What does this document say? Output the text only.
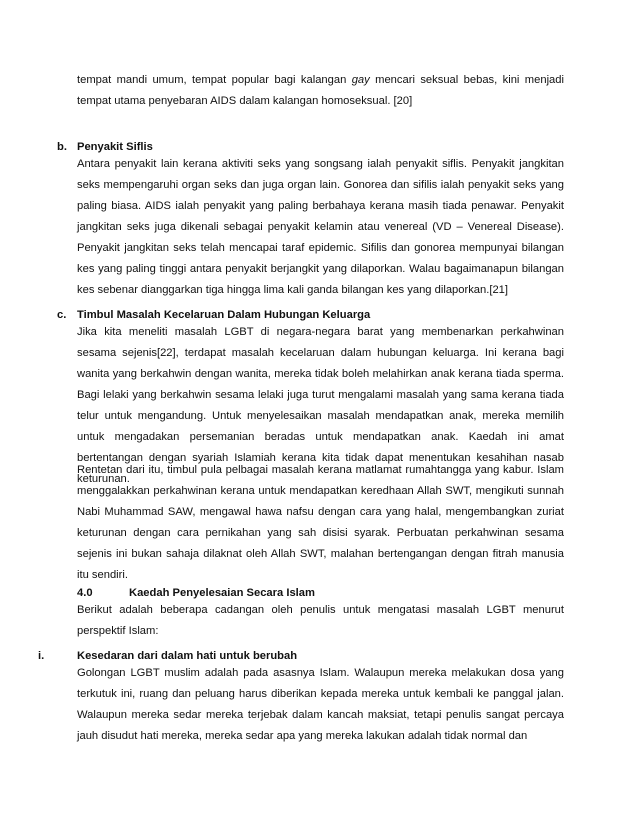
tempat mandi umum, tempat popular bagi kalangan gay mencari seksual bebas, kini menjadi tempat utama penyebaran AIDS dalam kalangan homoseksual. [20]

b. Penyakit Siflis

Antara penyakit lain kerana aktiviti seks yang songsang ialah penyakit siflis. Penyakit jangkitan seks mempengaruhi organ seks dan juga organ lain. Gonorea dan sifilis ialah penyakit seks yang paling biasa. AIDS ialah penyakit yang paling berbahaya kerana masih tiada penawar. Penyakit jangkitan seks juga dikenali sebagai penyakit kelamin atau venereal (VD – Venereal Disease). Penyakit jangkitan seks telah mencapai taraf epidemic. Sifilis dan gonorea mempunyai bilangan kes yang paling tinggi antara penyakit berjangkit yang dilaporkan. Walau bagaimanapun bilangan kes sebenar dianggarkan tiga hingga lima kali ganda bilangan kes yang dilaporkan.[21]

c. Timbul Masalah Kecelaruan Dalam Hubungan Keluarga

Jika kita meneliti masalah LGBT di negara-negara barat yang membenarkan perkahwinan sesama sejenis[22], terdapat masalah kecelaruan dalam hubungan keluarga. Ini kerana bagi wanita yang berkahwin dengan wanita, mereka tidak boleh melahirkan anak kerana tiada sperma. Bagi lelaki yang berkahwin sesama lelaki juga turut mengalami masalah yang sama kerana tiada telur untuk mengandung. Untuk menyelesaikan masalah mendapatkan anak, mereka memilih untuk mengadakan persemanian beradas untuk mendapatkan anak. Kaedah ini amat bertentangan dengan syariah Islamiah kerana kita tidak dapat menentukan kesahihan nasab keturunan.

Rentetan dari itu, timbul pula pelbagai masalah kerana matlamat rumahtangga yang kabur. Islam menggalakkan perkahwinan kerana untuk mendapatkan keredhaan Allah SWT, mengikuti sunnah Nabi Muhammad SAW, mengawal hawa nafsu dengan cara yang halal, mengembangkan zuriat keturunan dengan cara pernikahan yang sah disisi syarak. Perbuatan perkahwinan sesama sejenis ini bukan sahaja dilaknat oleh Allah SWT, malahan bertengangan dengan fitrah manusia itu sendiri.

4.0	Kaedah Penyelesaian Secara Islam

Berikut adalah beberapa cadangan oleh penulis untuk mengatasi masalah LGBT menurut perspektif Islam:

i.	Kesedaran dari dalam hati untuk berubah

Golongan LGBT muslim adalah pada asasnya Islam. Walaupun mereka melakukan dosa yang terkutuk ini, ruang dan peluang harus diberikan kepada mereka untuk kembali ke panggal jalan. Walaupun mereka sedar mereka terjebak dalam kancah maksiat, tetapi penulis sangat percaya jauh disudut hati mereka, mereka sedar apa yang mereka lakukan adalah tidak normal dan
